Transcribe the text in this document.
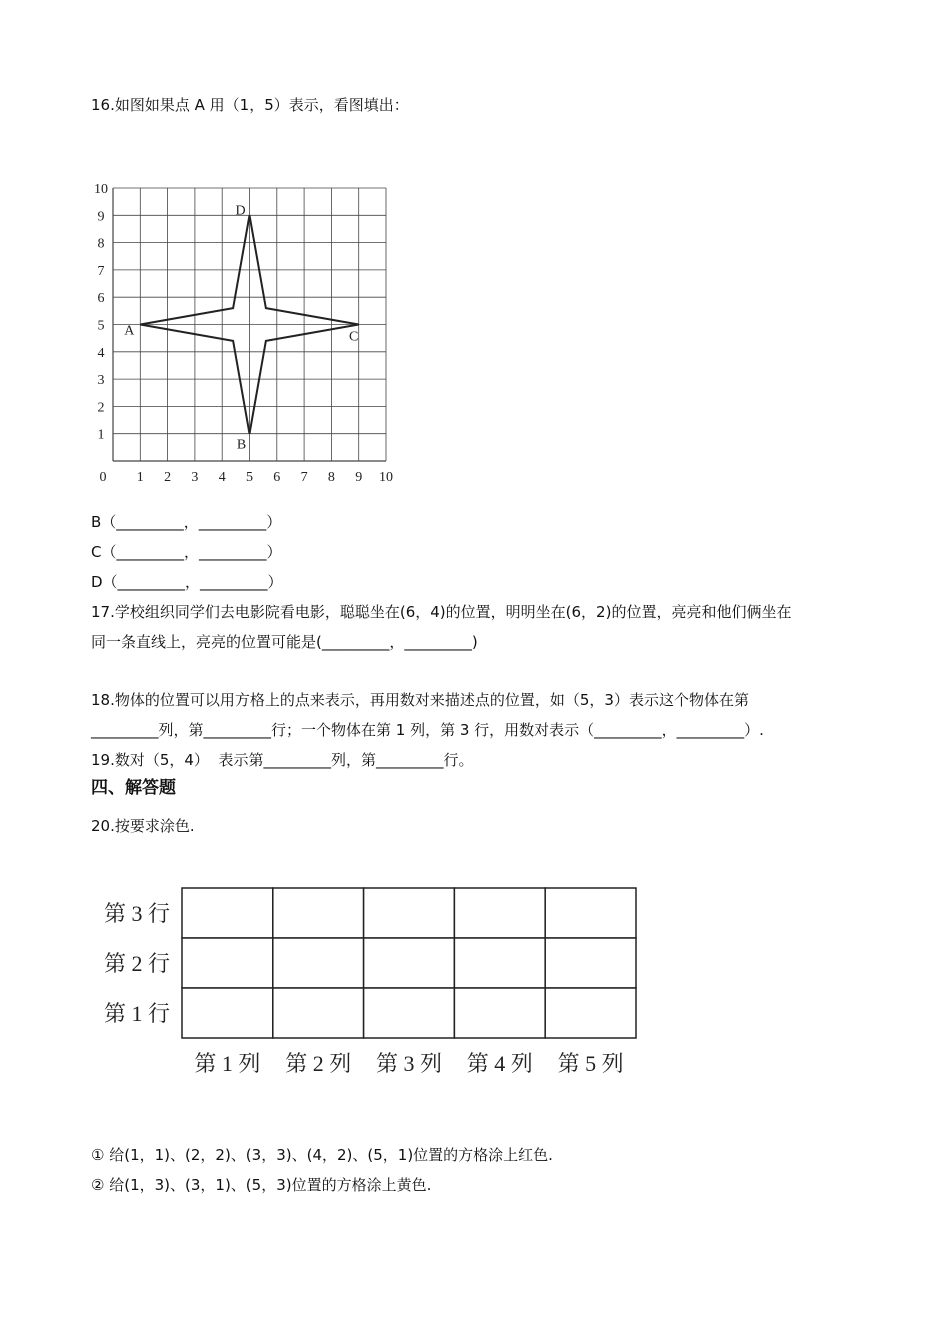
16.如图如果点 A 用（1，5）表示，看图填出：
0 1 2 3 4 5 6 7 8 9 10
1
2
3
4
5
6
7
8
9
10
A
B
C
D
B（_________，_________）
C（_________，_________）
D（_________，_________）
17.学校组织同学们去电影院看电影，聪聪坐在(6，4)的位置，明明坐在(6，2)的位置，亮亮和他们俩坐在
同一条直线上，亮亮的位置可能是(_________，_________)
18.物体的位置可以用方格上的点来表示，再用数对来描述点的位置，如（5，3）表示这个物体在第
_________列，第_________行；一个物体在第 1 列，第 3 行，用数对表示（_________，_________）.
19.数对（5，4）  表示第_________列，第_________行。
四、解答题
20.按要求涂色.
第 3 行
第 2 行
第 1 行
第 1 列 第 2 列 第 3 列 第 4 列 第 5 列
① 给(1，1)、(2，2)、(3，3)、(4，2)、(5，1)位置的方格涂上红色.
② 给(1，3)、(3，1)、(5，3)位置的方格涂上黄色.
